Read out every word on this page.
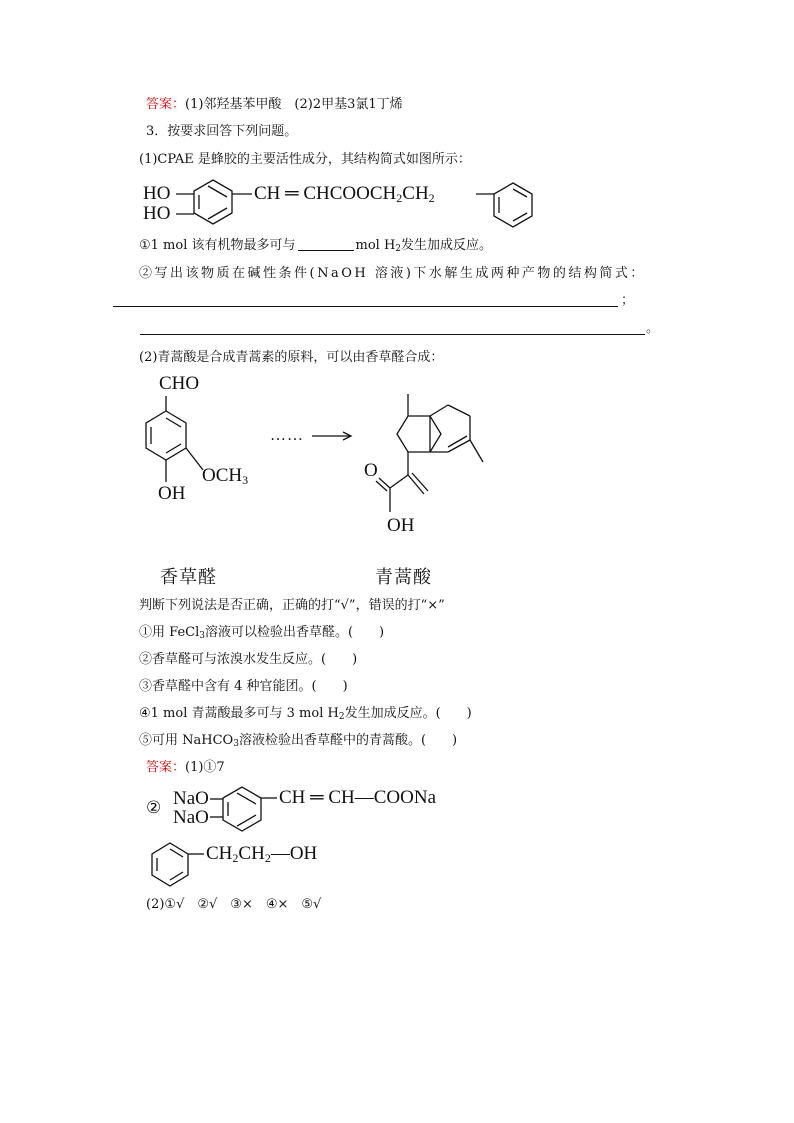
答案：(1)邻羟基苯甲酸　(2)2甲基3氯1丁烯
3．按要求回答下列问题。
(1)CPAE 是蜂胶的主要活性成分，其结构简式如图所示：
HO
HO
CH ═ $CHCOOCH_2CH_2$
①1 mol 该有机物最多可与	mol $H_2$发生加成反应。
②写出该物质在碱性条件(NaOH 溶液)下水解生成两种产物的结构简式：
；
。
(2)青蒿酸是合成青蒿素的原料，可以由香草醛合成：
CHO
$OCH_3$
OH
……
O
OH
香草醛	青蒿酸
判断下列说法是否正确，正确的打“√”，错误的打“×”
①用 FeCl$_3$溶液可以检验出香草醛。(　　)
②香草醛可与浓溴水发生反应。(　　)
③香草醛中含有 4 种官能团。(　　)
④1 mol 青蒿酸最多可与 3 mol $H_2$发生加成反应。(　　)
⑤可用 NaHCO$_3$溶液检验出香草醛中的青蒿酸。(　　)
答案：(1)①7
② NaO
NaO
CH ═ CH—COONa
$CH_2CH_2—OH$
(2)①√　②√　③×　④×　⑤√
